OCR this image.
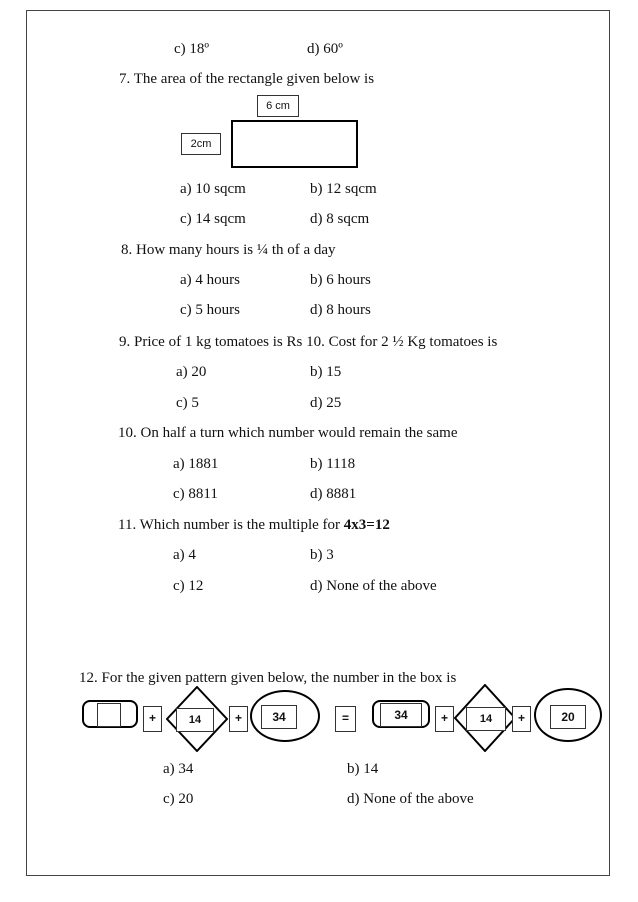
c) 18º	d) 60º
7. The area of the rectangle given below is
6 cm
2cm
a) 10 sqcm	b) 12 sqcm
c) 14 sqcm	d) 8 sqcm
8. How many hours is ¼ th of a day
a) 4 hours	b) 6 hours
c) 5 hours	d) 8 hours
9. Price of 1 kg tomatoes is Rs 10. Cost for 2 ½ Kg tomatoes is
a) 20	b) 15
c) 5	d) 25
10. On half a turn which number would remain the same
a) 1881	b) 1118
c) 8811	d) 8881
11. Which number is the multiple for 4x3=12
a) 4	b) 3
c) 12	d) None of the above
12. For the given pattern given below, the number in the box is
+	14	+	34	=	34	+	14	+	20
a) 34	b) 14
c) 20	d) None of the above
